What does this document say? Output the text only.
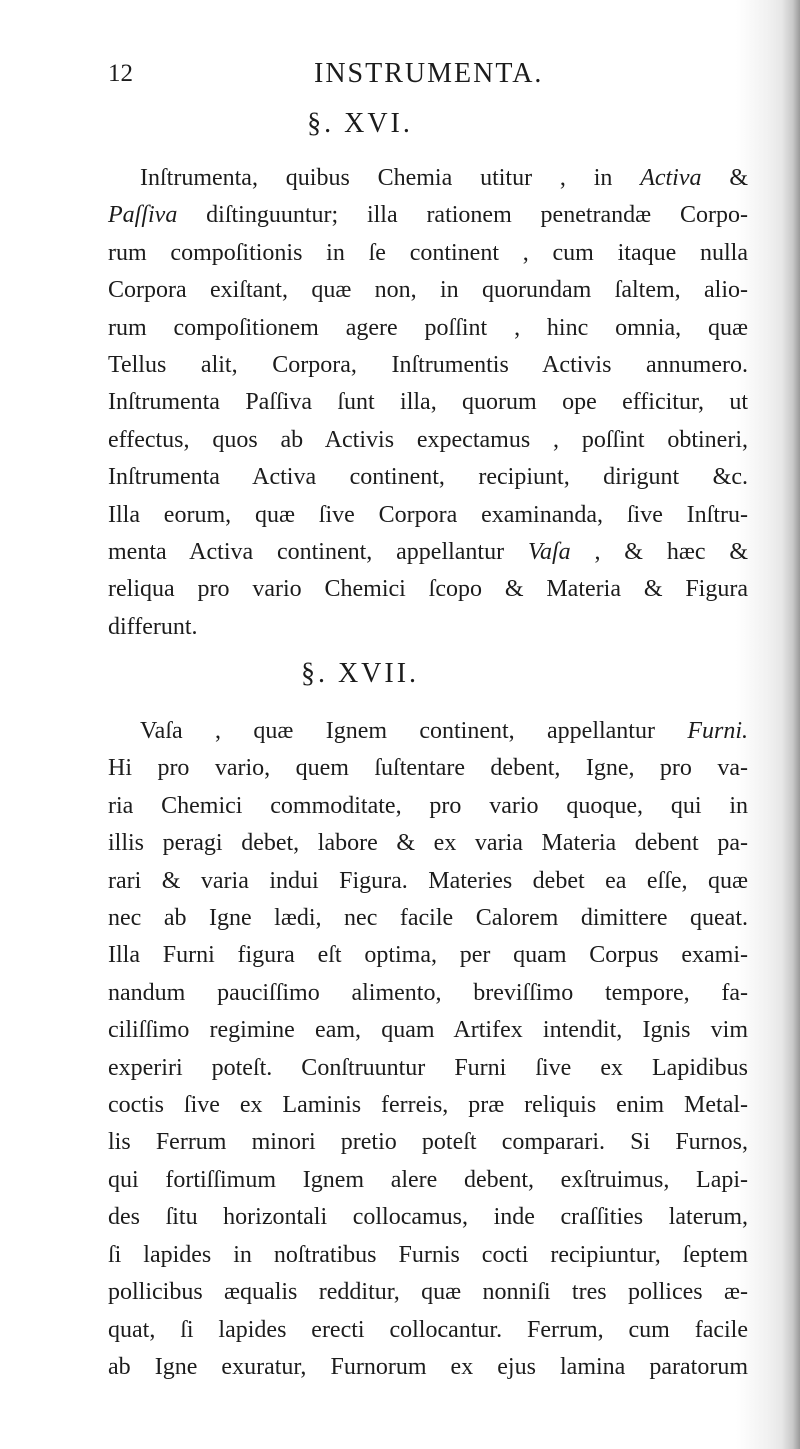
12	INSTRUMENTA.
§. XVI.
Inſtrumenta, quibus Chemia utitur , in Activa &
Paſſiva diſtinguuntur; illa rationem penetrandæ Corpo-
rum compoſitionis in ſe continent , cum itaque nulla
Corpora exiſtant, quæ non, in quorundam ſaltem, alio-
rum compoſitionem agere poſſint , hinc omnia, quæ
Tellus alit, Corpora, Inſtrumentis Activis annumero.
Inſtrumenta Paſſiva ſunt illa, quorum ope efficitur, ut
effectus, quos ab Activis expectamus , poſſint obtineri,
Inſtrumenta Activa continent, recipiunt, dirigunt &c.
Illa eorum, quæ ſive Corpora examinanda, ſive Inſtru-
menta Activa continent, appellantur Vaſa , & hæc &
reliqua pro vario Chemici ſcopo & Materia & Figura
differunt.
§. XVII.
Vaſa , quæ Ignem continent, appellantur Furni.
Hi pro vario, quem ſuſtentare debent, Igne, pro va-
ria Chemici commoditate, pro vario quoque, qui in
illis peragi debet, labore & ex varia Materia debent pa-
rari & varia indui Figura. Materies debet ea eſſe, quæ
nec ab Igne lædi, nec facile Calorem dimittere queat.
Illa Furni figura eſt optima, per quam Corpus exami-
nandum pauciſſimo alimento, breviſſimo tempore, fa-
ciliſſimo regimine eam, quam Artifex intendit, Ignis vim
experiri poteſt. Conſtruuntur Furni ſive ex Lapidibus
coctis ſive ex Laminis ferreis, præ reliquis enim Metal-
lis Ferrum minori pretio poteſt comparari. Si Furnos,
qui fortiſſimum Ignem alere debent, exſtruimus, Lapi-
des ſitu horizontali collocamus, inde craſſities laterum,
ſi lapides in noſtratibus Furnis cocti recipiuntur, ſeptem
pollicibus æqualis redditur, quæ nonniſi tres pollices æ-
quat, ſi lapides erecti collocantur. Ferrum, cum facile
ab Igne exuratur, Furnorum ex ejus lamina paratorum
